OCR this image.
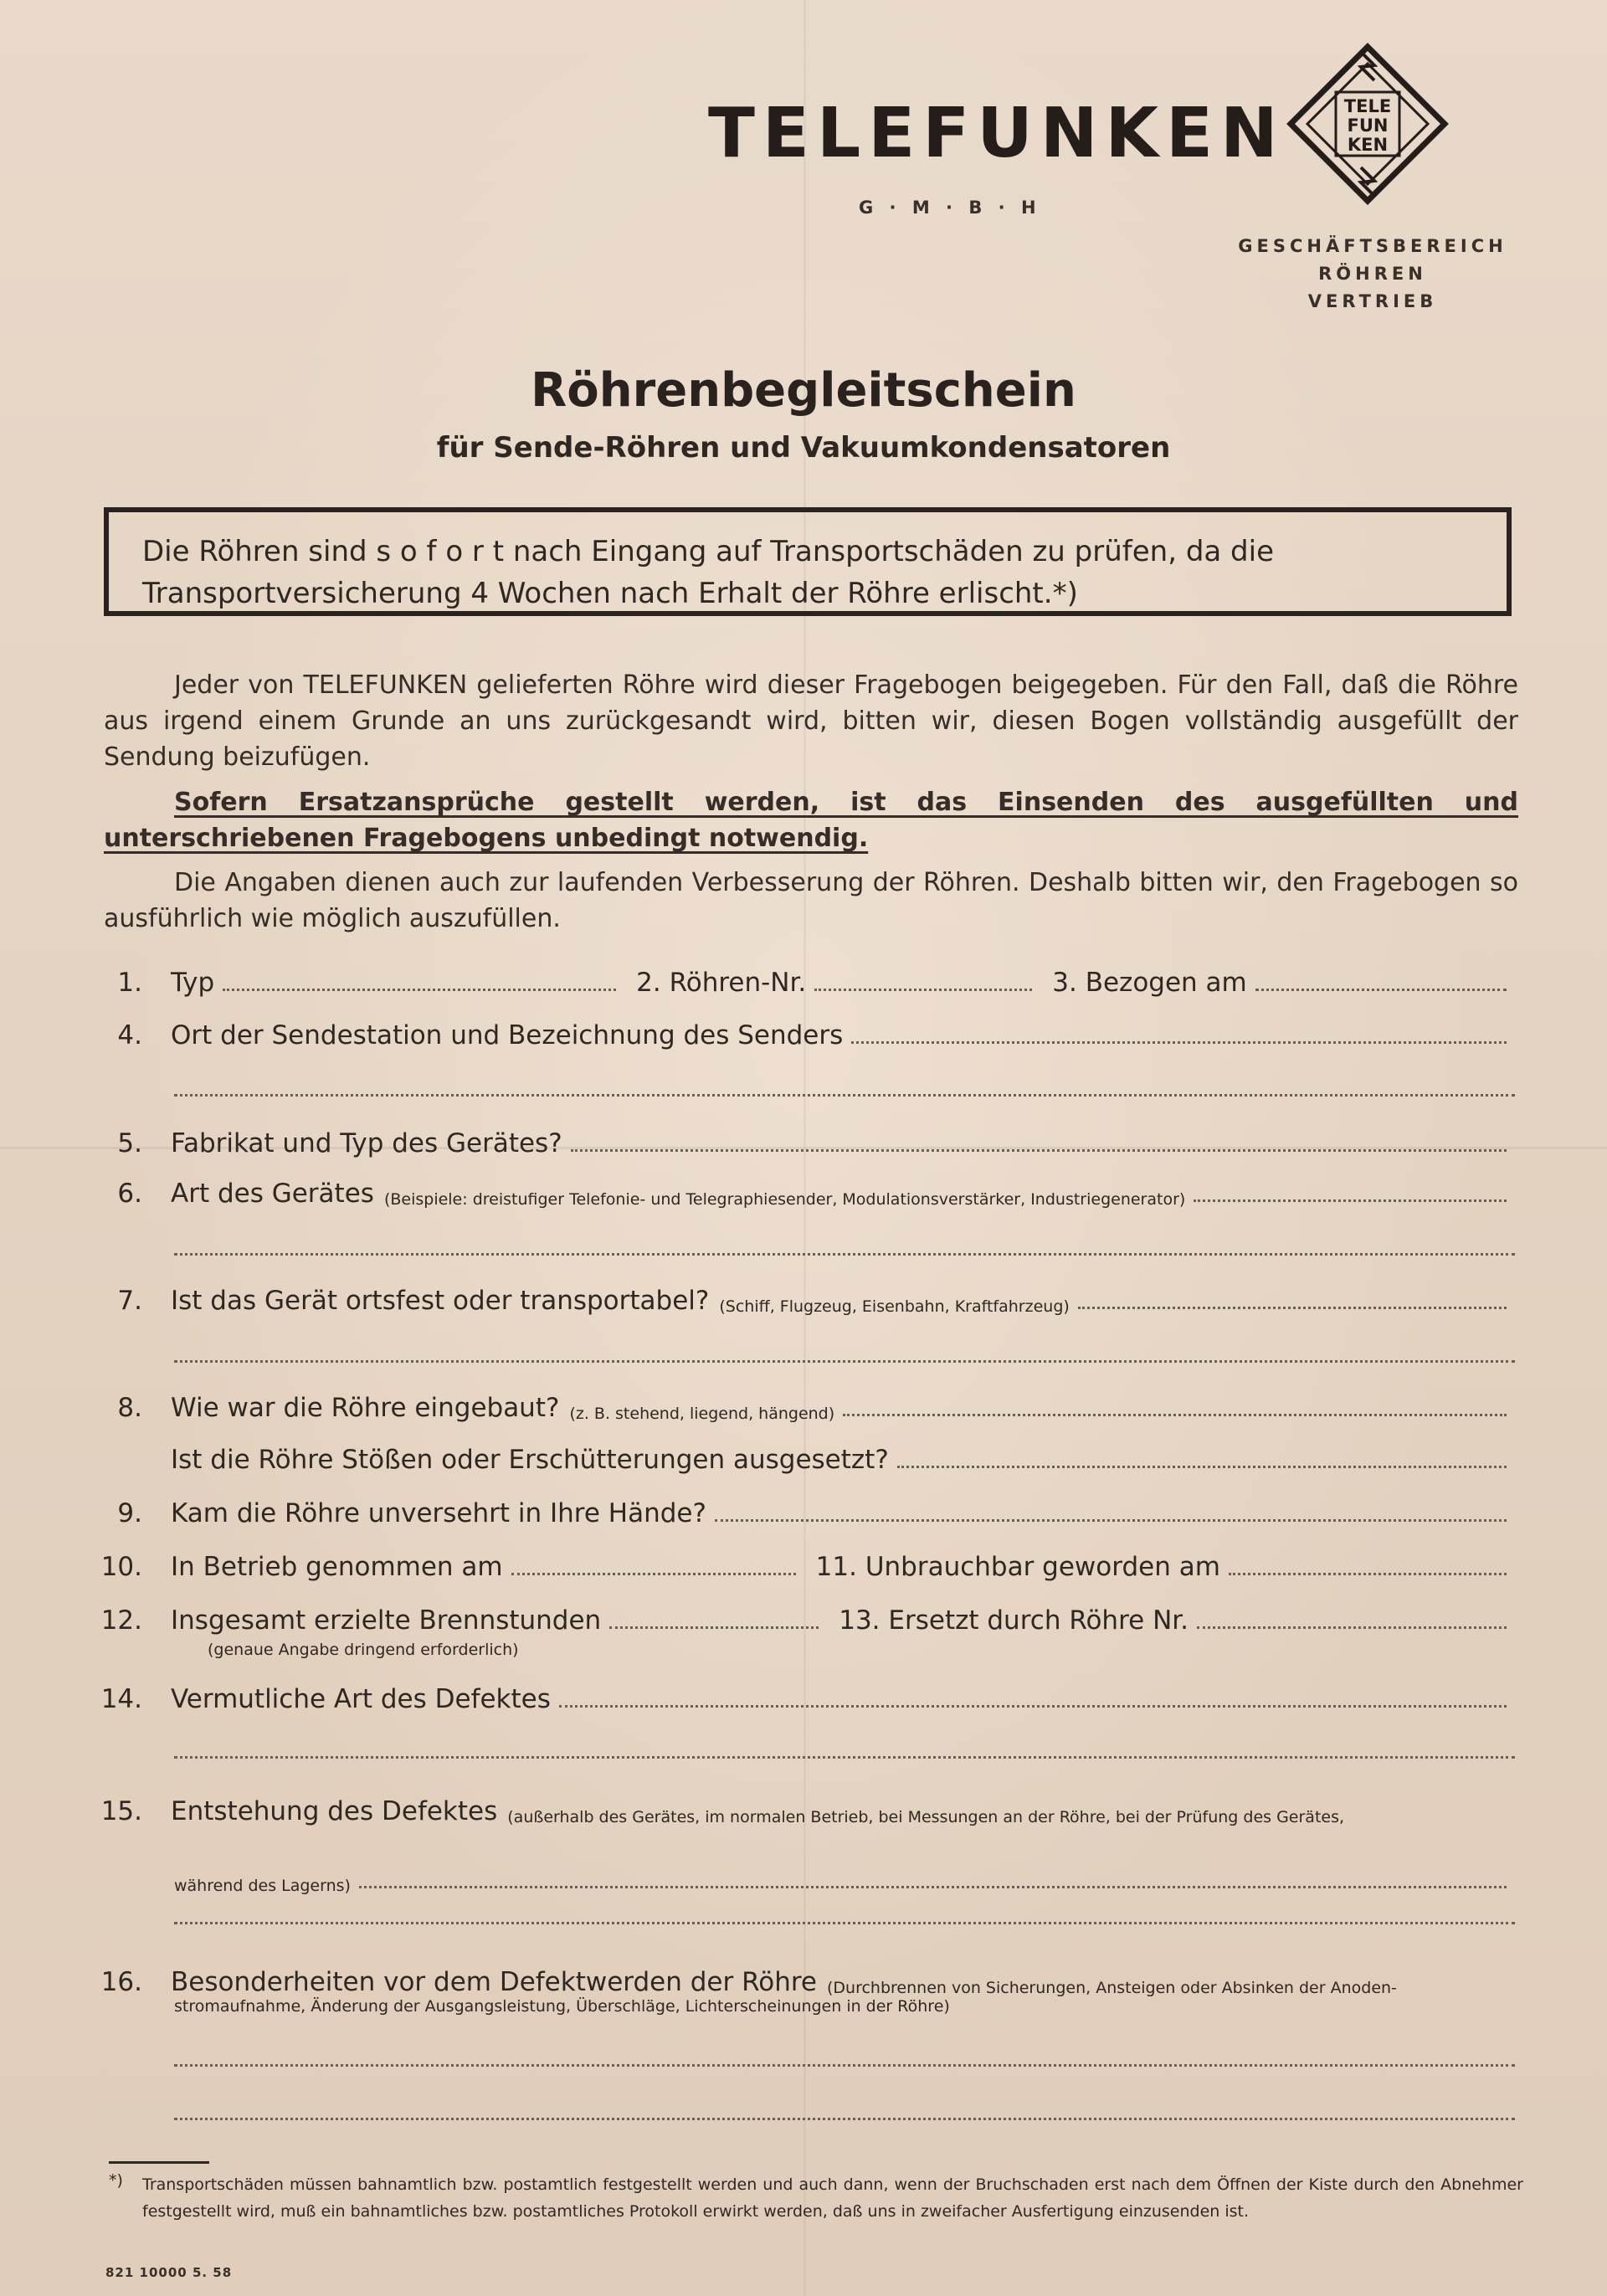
TELEFUNKEN
G · M · B · H
TELE
FUN
KEN
GESCHÄFTSBEREICH
RÖHREN
VERTRIEB
Röhrenbegleitschein
für Sende-Röhren und Vakuumkondensatoren
Die Röhren sind s o f o r t nach Eingang auf Transportschäden zu prüfen, da die Transportversicherung 4 Wochen nach Erhalt der Röhre erlischt.*)
Jeder von TELEFUNKEN gelieferten Röhre wird dieser Fragebogen beigegeben. Für den Fall, daß die Röhre aus irgend einem Grunde an uns zurückgesandt wird, bitten wir, diesen Bogen vollständig ausgefüllt der Sendung beizufügen.
Sofern Ersatzansprüche gestellt werden, ist das Einsenden des ausgefüllten und unterschriebenen Fragebogens unbedingt notwendig.
Die Angaben dienen auch zur laufenden Verbesserung der Röhren. Deshalb bitten wir, den Fragebogen so ausführlich wie möglich auszufüllen.
1. Typ	2. Röhren-Nr.	3. Bezogen am
4. Ort der Sendestation und Bezeichnung des Senders
5. Fabrikat und Typ des Gerätes?
6. Art des Gerätes (Beispiele: dreistufiger Telefonie- und Telegraphiesender, Modulationsverstärker, Industriegenerator)
7. Ist das Gerät ortsfest oder transportabel? (Schiff, Flugzeug, Eisenbahn, Kraftfahrzeug)
8. Wie war die Röhre eingebaut? (z. B. stehend, liegend, hängend)
Ist die Röhre Stößen oder Erschütterungen ausgesetzt?
9. Kam die Röhre unversehrt in Ihre Hände?
10. In Betrieb genommen am	11. Unbrauchbar geworden am
12. Insgesamt erzielte Brennstunden	13. Ersetzt durch Röhre Nr.
(genaue Angabe dringend erforderlich)
14. Vermutliche Art des Defektes
15. Entstehung des Defektes (außerhalb des Gerätes, im normalen Betrieb, bei Messungen an der Röhre, bei der Prüfung des Gerätes,
während des Lagerns)
16. Besonderheiten vor dem Defektwerden der Röhre (Durchbrennen von Sicherungen, Ansteigen oder Absinken der Anoden-
stromaufnahme, Änderung der Ausgangsleistung, Überschläge, Lichterscheinungen in der Röhre)
*) Transportschäden müssen bahnamtlich bzw. postamtlich festgestellt werden und auch dann, wenn der Bruchschaden erst nach dem Öffnen der Kiste durch den Abnehmer festgestellt wird, muß ein bahnamtliches bzw. postamtliches Protokoll erwirkt werden, daß uns in zweifacher Ausfertigung einzusenden ist.
821 10000 5. 58
